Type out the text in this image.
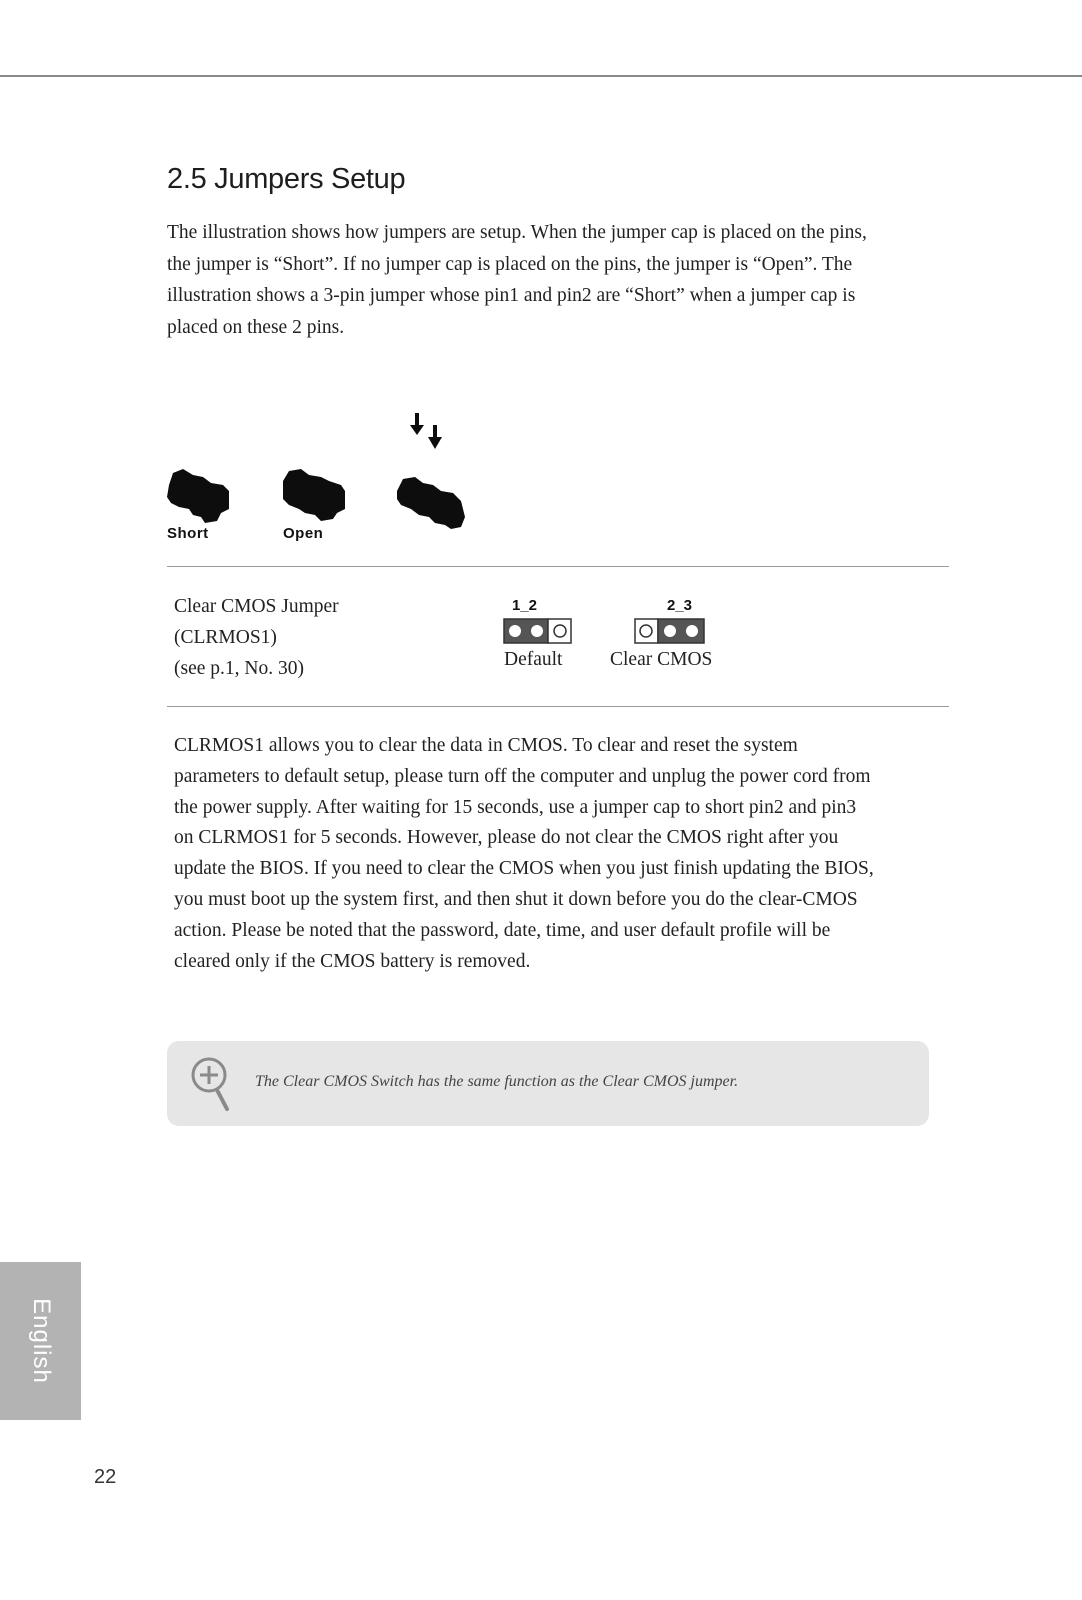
2.5 Jumpers Setup

The illustration shows how jumpers are setup. When the jumper cap is placed on the pins, the jumper is “Short”. If no jumper cap is placed on the pins, the jumper is “Open”. The illustration shows a 3-pin jumper whose pin1 and pin2 are “Short” when a jumper cap is placed on these 2 pins.

Short	Open
Clear CMOS Jumper
(CLRMOS1)
(see p.1, No. 30)
1_2
Default
2_3
Clear CMOS

CLRMOS1 allows you to clear the data in CMOS. To clear and reset the system parameters to default setup, please turn off the computer and unplug the power cord from the power supply. After waiting for 15 seconds, use a jumper cap to short pin2 and pin3 on CLRMOS1 for 5 seconds. However, please do not clear the CMOS right after you update the BIOS. If you need to clear the CMOS when you just finish updating the BIOS, you must boot up the system first, and then shut it down before you do the clear-CMOS action. Please be noted that the password, date, time, and user default profile will be cleared only if the CMOS battery is removed.

The Clear CMOS Switch has the same function as the Clear CMOS jumper.
English
22
